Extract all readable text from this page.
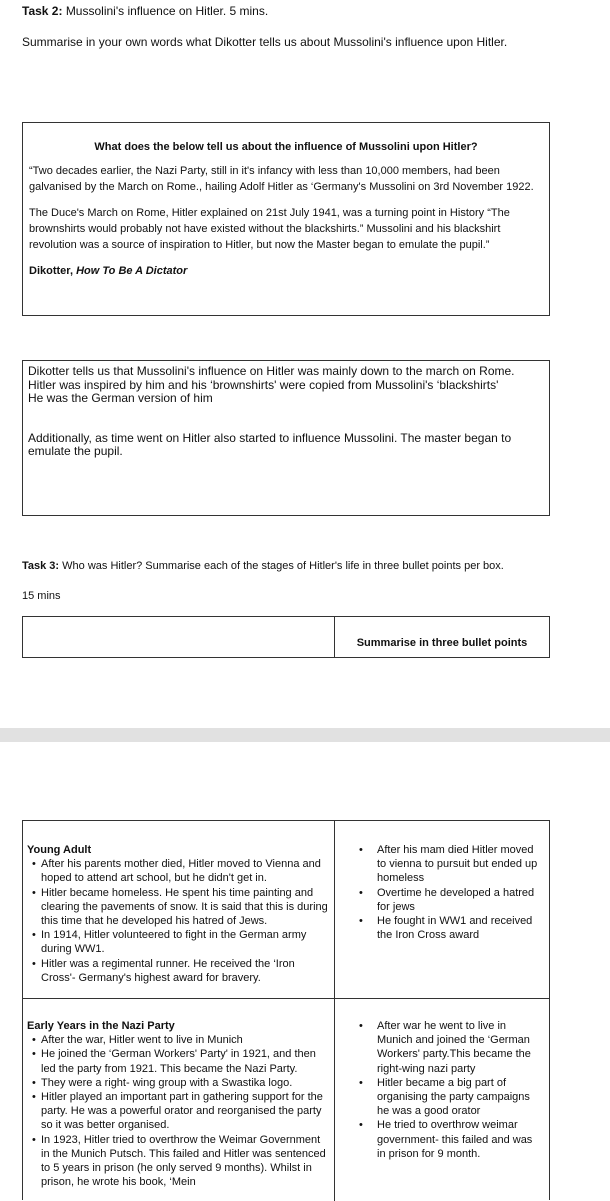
Task 2: Mussolini's influence on Hitler. 5 mins.
Summarise in your own words what Dikotter tells us about Mussolini's influence upon Hitler.
What does the below tell us about the influence of Mussolini upon Hitler?

“Two decades earlier, the Nazi Party, still in it's infancy with less than 10,000 members, had been galvanised by the March on Rome., hailing Adolf Hitler as ‘Germany's Mussolini on 3rd November 1922.

The Duce's March on Rome, Hitler explained on 21st July 1941, was a turning point in History “The brownshirts would probably not have existed without the blackshirts.” Mussolini and his blackshirt revolution was a source of inspiration to Hitler, but now the Master began to emulate the pupil.”

Dikotter, How To Be A Dictator

Dikotter tells us that Mussolini's influence on Hitler was mainly down to the march on Rome.

Hitler was inspired by him and his ‘brownshirts' were copied from Mussolini's ‘blackshirts'

He was the German version of him

Additionally, as time went on Hitler also started to influence Mussolini. The master began to emulate the pupil.

Task 3: Who was Hitler? Summarise each of the stages of Hitler's life in three bullet points per box.
15 mins
Summarise in three bullet points
Young Adult
• After his parents mother died, Hitler moved to Vienna and hoped to attend art school, but he didn't get in.
• Hitler became homeless. He spent his time painting and clearing the pavements of snow. It is said that this is during this time that he developed his hatred of Jews.
• In 1914, Hitler volunteered to fight in the German army during WW1.
• Hitler was a regimental runner. He received the ‘Iron Cross'- Germany's highest award for bravery.
• After his mam died Hitler moved to vienna to pursuit but ended up homeless
• Overtime he developed a hatred for jews
• He fought in WW1 and received the Iron Cross award
Early Years in the Nazi Party
• After the war, Hitler went to live in Munich
• He joined the ‘German Workers' Party' in 1921, and then led the party from 1921. This became the Nazi Party.
• They were a right- wing group with a Swastika logo.
• Hitler played an important part in gathering support for the party. He was a powerful orator and reorganised the party so it was better organised.
• In 1923, Hitler tried to overthrow the Weimar Government in the Munich Putsch. This failed and Hitler was sentenced to 5 years in prison (he only served 9 months). Whilst in prison, he wrote his book, ‘Mein
• After war he went to live in Munich and joined the ‘German Workers' party.This became the right-wing nazi party
• Hitler became a big part of organising the party campaigns he was a good orator
• He tried to overthrow weimar government- this failed and was in prison for 9 month.
